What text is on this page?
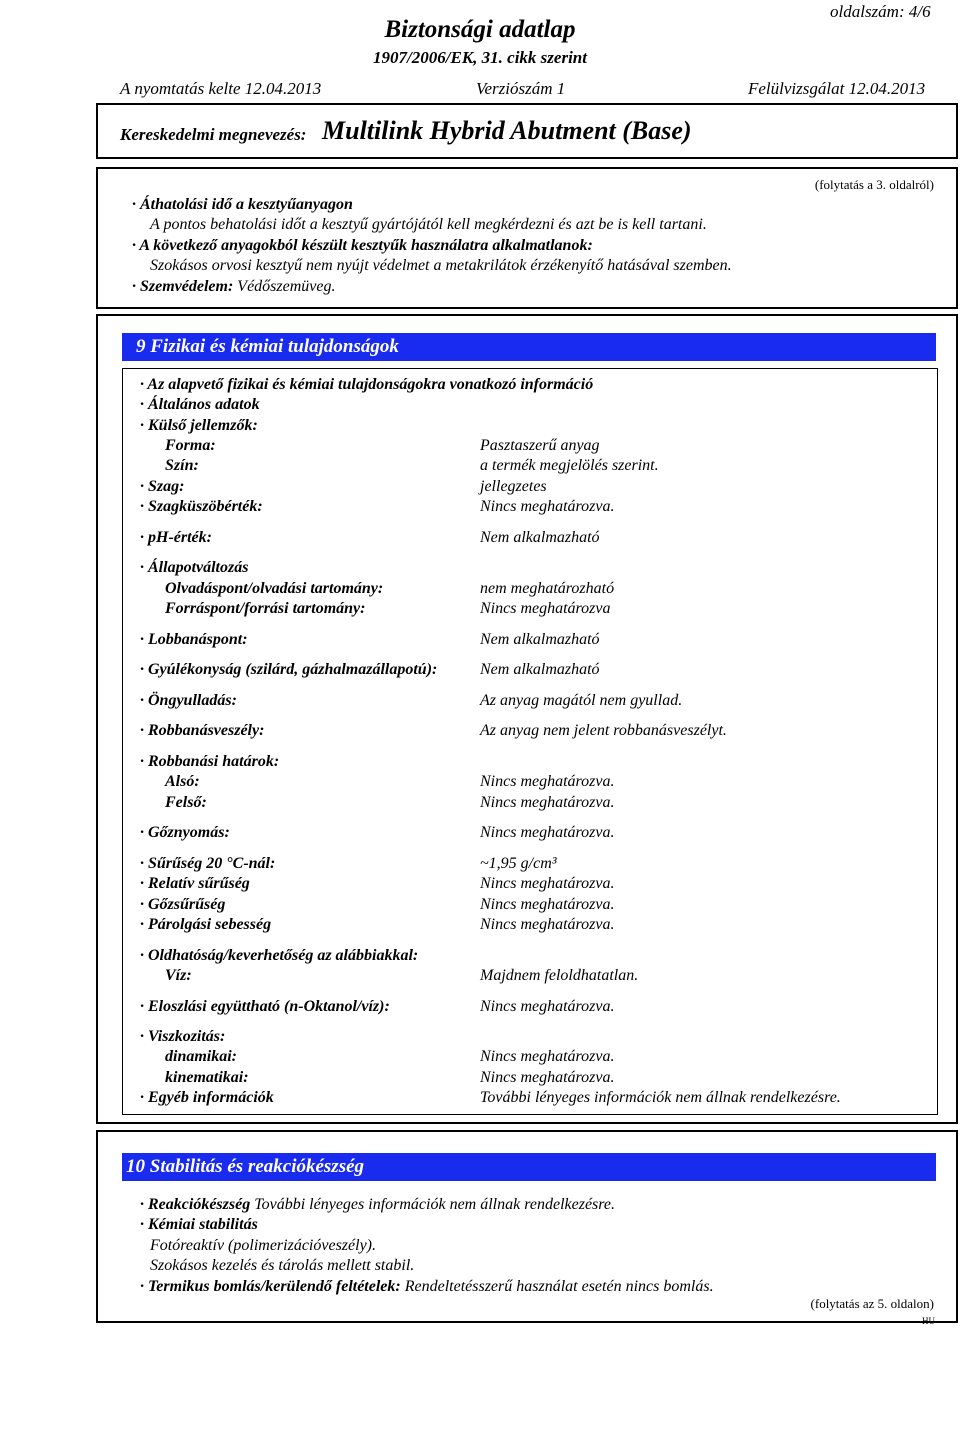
oldalszám: 4/6
Biztonsági adatlap
1907/2006/EK, 31. cikk szerint
A nyomtatás kelte 12.04.2013	Verziószám 1	Felülvizsgálat 12.04.2013
Kereskedelmi megnevezés: Multilink Hybrid Abutment (Base)
(folytatás a 3. oldalról)
· Áthatolási idő a kesztyűanyagon
A pontos behatolási időt a kesztyű gyártójától kell megkérdezni és azt be is kell tartani.
· A következő anyagokból készült kesztyűk használatra alkalmatlanok:
Szokásos orvosi kesztyű nem nyújt védelmet a metakrilátok érzékenyítő hatásával szemben.
· Szemvédelem: Védőszemüveg.
9 Fizikai és kémiai tulajdonságok
· Az alapvető fizikai és kémiai tulajdonságokra vonatkozó információ
· Általános adatok
· Külső jellemzők:
Forma:	Pasztaszerű anyag
Szín:	a termék megjelölés szerint.
· Szag:	jellegzetes
· Szagküszöbérték:	Nincs meghatározva.
· pH-érték:	Nem alkalmazható
· Állapotváltozás
Olvadáspont/olvadási tartomány:	nem meghatározható
Forráspont/forrási tartomány:	Nincs meghatározva
· Lobbanáspont:	Nem alkalmazható
· Gyúlékonyság (szilárd, gázhalmazállapotú):	Nem alkalmazható
· Öngyulladás:	Az anyag magától nem gyullad.
· Robbanásveszély:	Az anyag nem jelent robbanásveszélyt.
· Robbanási határok:
Alsó:	Nincs meghatározva.
Felső:	Nincs meghatározva.
· Gőznyomás:	Nincs meghatározva.
· Sűrűség 20 °C-nál:	~1,95 g/cm³
· Relatív sűrűség	Nincs meghatározva.
· Gőzsűrűség	Nincs meghatározva.
· Párolgási sebesség	Nincs meghatározva.
· Oldhatóság/keverhetőség az alábbiakkal:
Víz:	Majdnem feloldhatatlan.
· Eloszlási együttható (n-Oktanol/víz):	Nincs meghatározva.
· Viszkozitás:
dinamikai:	Nincs meghatározva.
kinematikai:	Nincs meghatározva.
· Egyéb információk	További lényeges információk nem állnak rendelkezésre.
10 Stabilitás és reakciókészség
· Reakciókészség További lényeges információk nem állnak rendelkezésre.
· Kémiai stabilitás
Fotóreaktív (polimerizációveszély).
Szokásos kezelés és tárolás mellett stabil.
· Termikus bomlás/kerülendő feltételek: Rendeltetésszerű használat esetén nincs bomlás.
(folytatás az 5. oldalon)
HU
